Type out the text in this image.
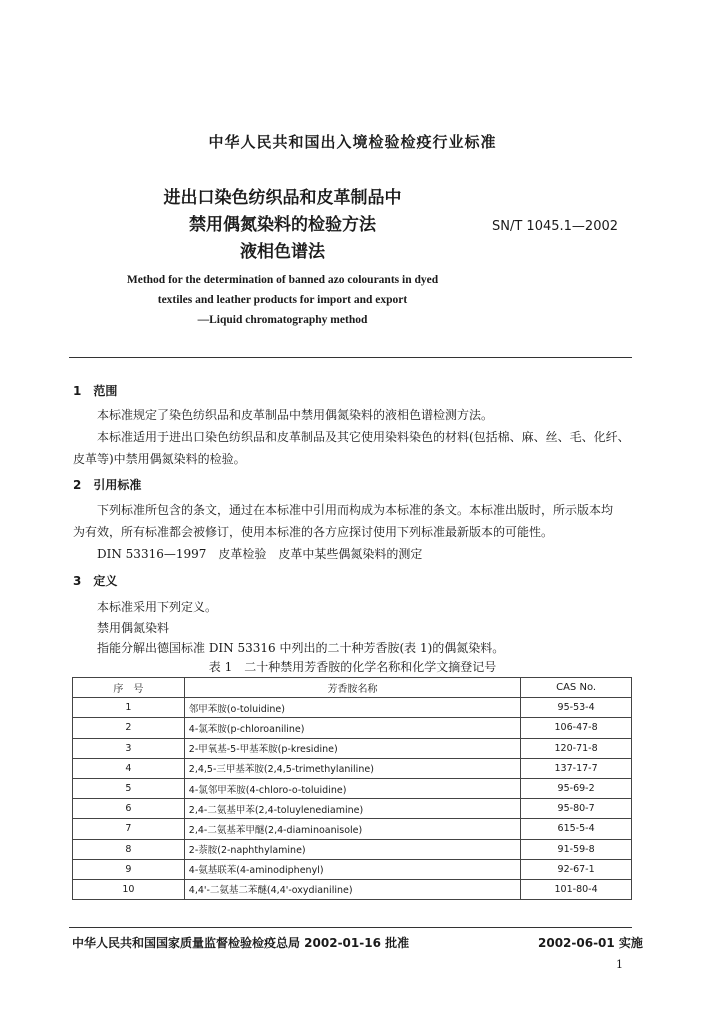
中华人民共和国出入境检验检疫行业标准
进出口染色纺织品和皮革制品中
禁用偶氮染料的检验方法
液相色谱法
SN/T 1045.1—2002
Method for the determination of banned azo colourants in dyed
textiles and leather products for import and export
—Liquid chromatography method
1　范围
本标准规定了染色纺织品和皮革制品中禁用偶氮染料的液相色谱检测方法。
本标准适用于进出口染色纺织品和皮革制品及其它使用染料染色的材料(包括棉、麻、丝、毛、化纤、
皮革等)中禁用偶氮染料的检验。
2　引用标准
下列标准所包含的条文，通过在本标准中引用而构成为本标准的条文。本标准出版时，所示版本均
为有效，所有标准都会被修订，使用本标准的各方应探讨使用下列标准最新版本的可能性。
DIN 53316—1997　皮革检验　皮革中某些偶氮染料的测定
3　定义
本标准采用下列定义。
禁用偶氮染料
指能分解出德国标准 DIN 53316 中列出的二十种芳香胺(表 1)的偶氮染料。
表 1　二十种禁用芳香胺的化学名称和化学文摘登记号
序　号	芳香胺名称	CAS No.
1	邻甲苯胺(o-toluidine)	95-53-4
2	4-氯苯胺(p-chloroaniline)	106-47-8
3	2-甲氧基-5-甲基苯胺(p-kresidine)	120-71-8
4	2,4,5-三甲基苯胺(2,4,5-trimethylaniline)	137-17-7
5	4-氯邻甲苯胺(4-chloro-o-toluidine)	95-69-2
6	2,4-二氨基甲苯(2,4-toluylenediamine)	95-80-7
7	2,4-二氨基苯甲醚(2,4-diaminoanisole)	615-5-4
8	2-萘胺(2-naphthylamine)	91-59-8
9	4-氨基联苯(4-aminodiphenyl)	92-67-1
10	4,4'-二氨基二苯醚(4,4'-oxydianiline)	101-80-4
中华人民共和国国家质量监督检验检疫总局 2002-01-16 批准	2002-06-01 实施
1
